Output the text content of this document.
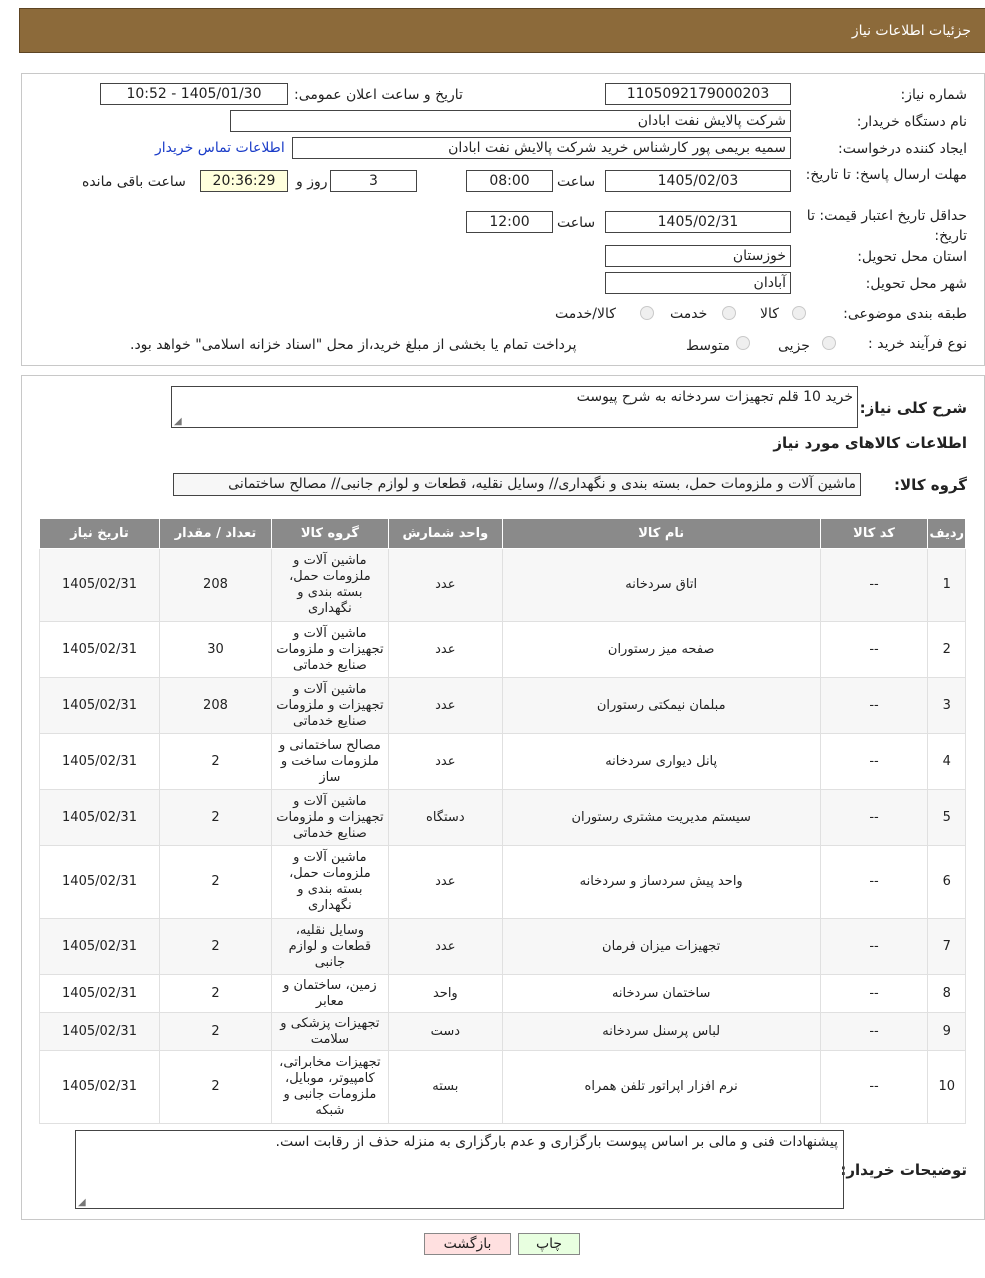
جزئیات اطلاعات نیاز
شماره نیاز:
1105092179000203
تاریخ و ساعت اعلان عمومی:
1405/01/30 - 10:52
نام دستگاه خریدار:
شرکت پالایش نفت ابادان
ایجاد کننده درخواست:
سمیه بریمی پور کارشناس خرید شرکت پالایش نفت ابادان
اطلاعات تماس خریدار
مهلت ارسال پاسخ: تا تاریخ:
1405/02/03
ساعت
08:00
3
روز و
20:36:29
ساعت باقی مانده
حداقل تاریخ اعتبار قیمت: تا تاریخ:
1405/02/31
ساعت
12:00
استان محل تحویل:
خوزستان
شهر محل تحویل:
آبادان
طبقه بندی موضوعی:
کالا
خدمت
کالا/خدمت
نوع فرآیند خرید :
جزیی
متوسط
پرداخت تمام یا بخشی از مبلغ خرید،از محل "اسناد خزانه اسلامی" خواهد بود.
شرح کلی نیاز:
خرید 10 قلم تجهیزات سردخانه به شرح پیوست
◢
اطلاعات کالاهای مورد نیاز
گروه کالا:
ماشین آلات و ملزومات حمل، بسته بندی و نگهداری// وسایل نقلیه، قطعات و لوازم جانبی// مصالح ساختمانی
ردیف	کد کالا	نام کالا	واحد شمارش	گروه کالا	تعداد / مقدار	تاریخ نیاز
1	--	اتاق سردخانه	عدد	ماشین آلات و ملزومات حمل، بسته بندی و نگهداری	208	1405/02/31
2	--	صفحه میز رستوران	عدد	ماشین آلات و تجهیزات و ملزومات صنایع خدماتی	30	1405/02/31
3	--	مبلمان نیمکتی رستوران	عدد	ماشین آلات و تجهیزات و ملزومات صنایع خدماتی	208	1405/02/31
4	--	پانل دیواری سردخانه	عدد	مصالح ساختمانی و ملزومات ساخت و ساز	2	1405/02/31
5	--	سیستم مدیریت مشتری رستوران	دستگاه	ماشین آلات و تجهیزات و ملزومات صنایع خدماتی	2	1405/02/31
6	--	واحد پیش سردساز و سردخانه	عدد	ماشین آلات و ملزومات حمل، بسته بندی و نگهداری	2	1405/02/31
7	--	تجهیزات میزان فرمان	عدد	وسایل نقلیه، قطعات و لوازم جانبی	2	1405/02/31
8	--	ساختمان سردخانه	واحد	زمین، ساختمان و معابر	2	1405/02/31
9	--	لباس پرسنل سردخانه	دست	تجهیزات پزشکی و سلامت	2	1405/02/31
10	--	نرم افزار اپراتور تلفن همراه	بسته	تجهیزات مخابراتی، کامپیوتر، موبایل، ملزومات جانبی و شبکه	2	1405/02/31
توضیحات خریدار:
پیشنهادات فنی و مالی بر اساس پیوست بارگزاری و عدم بارگزاری به منزله حذف از رقابت است.
◢
بازگشت	چاپ
